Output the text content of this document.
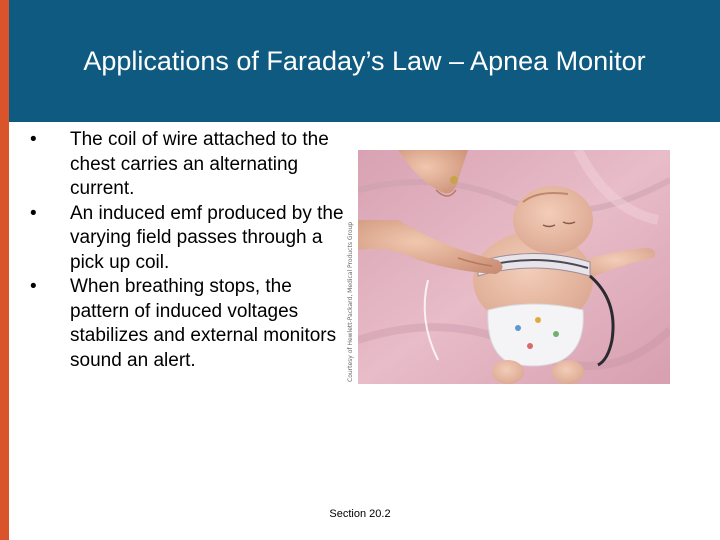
Applications of Faraday’s Law – Apnea Monitor
•	The coil of wire attached to the chest carries an alternating current.
•	An induced emf produced by the varying field passes through a pick up coil.
•	When breathing stops, the pattern of induced voltages stabilizes and external monitors sound an alert.	Courtesy of Hewlett-Packard, Medical Products Group
Section 20.2
